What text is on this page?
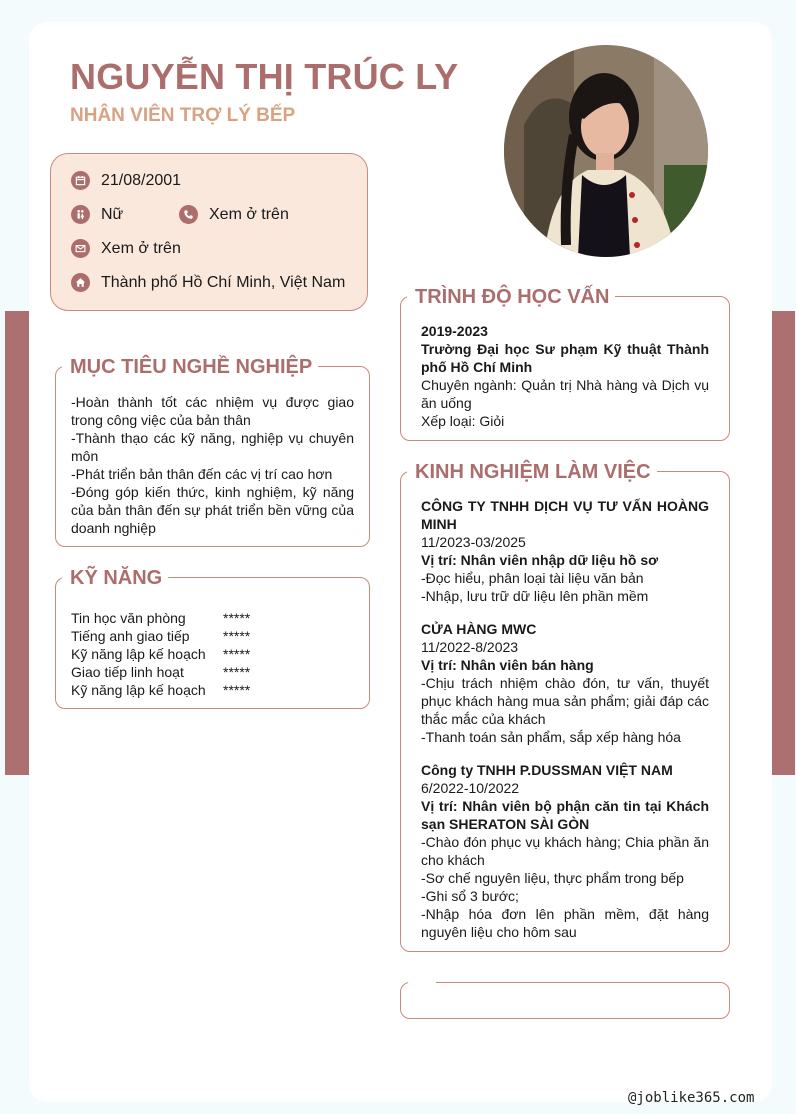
NGUYỄN THỊ TRÚC LY
NHÂN VIÊN TRỢ LÝ BẾP
21/08/2001
Nữ	Xem ở trên
Xem ở trên
Thành phố Hồ Chí Minh, Việt Nam
MỤC TIÊU NGHỀ NGHIỆP

-Hoàn thành tốt các nhiệm vụ được giao trong công việc của bản thân

-Thành thạo các kỹ năng, nghiệp vụ chuyên môn

-Phát triển bản thân đến các vị trí cao hơn

-Đóng góp kiến thức, kinh nghiệm, kỹ năng của bản thân đến sự phát triển bền vững của doanh nghiệp

KỸ NĂNG
Tin học văn phòng	*****
Tiếng anh giao tiếp	*****
Kỹ năng lập kế hoạch	*****
Giao tiếp linh hoạt	*****
Kỹ năng lập kế hoạch	*****
TRÌNH ĐỘ HỌC VẤN

2019-2023

Trường Đại học Sư phạm Kỹ thuật Thành phố Hồ Chí Minh

Chuyên ngành: Quản trị Nhà hàng và Dịch vụ ăn uống

Xếp loại: Giỏi

KINH NGHIỆM LÀM VIỆC

CÔNG TY TNHH DỊCH VỤ TƯ VẤN HOÀNG MINH

11/2023-03/2025

Vị trí: Nhân viên nhập dữ liệu hồ sơ

-Đọc hiểu, phân loại tài liệu văn bản

-Nhập, lưu trữ dữ liệu lên phần mềm

CỬA HÀNG MWC

11/2022-8/2023

Vị trí: Nhân viên bán hàng

-Chịu trách nhiệm chào đón, tư vấn, thuyết phục khách hàng mua sản phẩm; giải đáp các thắc mắc của khách

-Thanh toán sản phẩm, sắp xếp hàng hóa

Công ty TNHH P.DUSSMAN VIỆT NAM

6/2022-10/2022

Vị trí: Nhân viên bộ phận căn tin tại Khách sạn SHERATON SÀI GÒN

-Chào đón phục vụ khách hàng; Chia phần ăn cho khách

-Sơ chế nguyên liệu, thực phẩm trong bếp

-Ghi sổ 3 bước;

-Nhập hóa đơn lên phần mềm, đặt hàng nguyên liệu cho hôm sau

@joblike365.com
